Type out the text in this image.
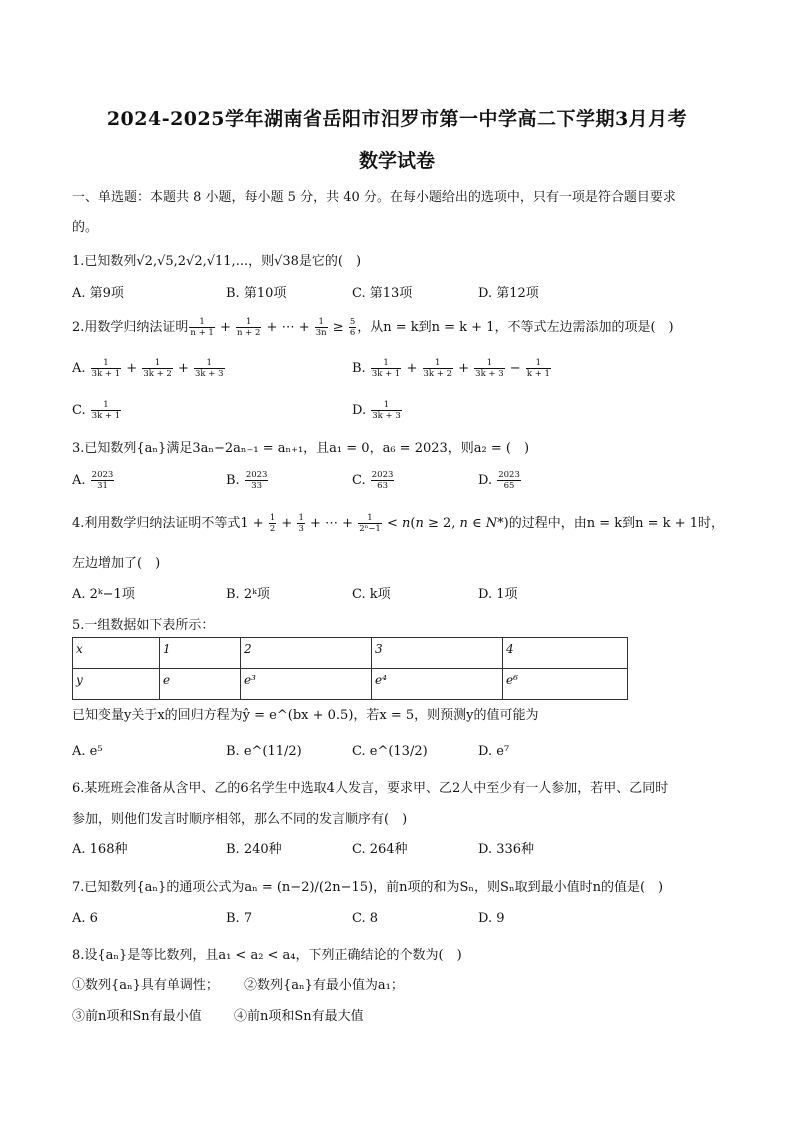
2024-2025学年湖南省岳阳市汨罗市第一中学高二下学期3月月考
数学试卷
一、单选题：本题共 8 小题，每小题 5 分，共 40 分。在每小题给出的选项中，只有一项是符合题目要求
的。
1.已知数列√2,√5,2√2,√11,...，则√38是它的(　)
A. 第9项	B. 第10项	C. 第13项	D. 第12项
2.用数学归纳法证明 $\frac{1}{n + 1} + \frac{1}{n + 2}$ + ⋯ + $\frac{1}{3n} \ge \frac{5}{6}$ ，从n = k到n = k + 1，不等式左边需添加的项是(　)
A. $\frac{1}{3k + 1} + \frac{1}{3k + 2} + \frac{1}{3k + 3}$	B. $\frac{1}{3k + 1} + \frac{1}{3k + 2} + \frac{1}{3k + 3} - \frac{1}{k + 1}$
C. $\frac{1}{3k + 1}$	D. $\frac{1}{3k + 3}$
3.已知数列{aₙ}满足3aₙ−2aₙ₋₁ = aₙ₊₁，且a₁ = 0，a₆ = 2023，则a₂ = (　)
A. $\frac{2023}{31}$	B. $\frac{2023}{33}$	C. $\frac{2023}{63}$	D. $\frac{2023}{65}$
4.利用数学归纳法证明不等式$1 + \frac{1}{2} + \frac{1}{3}$ + ⋯ + $\frac{1}{\text{2ⁿ−1}} < n(n \ge 2$, n ∈ N*)的过程中，由n = k到n = k + 1时，
左边增加了(　)
A. 2ᵏ−1项	B. 2ᵏ项	C. k项	D. 1项
5.一组数据如下表所示：
x	1	2	3	4
y	e	e³	e⁴	e⁶
已知变量y关于x的回归方程为ŷ = e^(bx + 0.5)，若x = 5，则预测y的值可能为
A. e⁵	B. e^(11/2)	C. e^(13/2)	D. e⁷
6.某班班会准备从含甲、乙的6名学生中选取4人发言，要求甲、乙2人中至少有一人参加，若甲、乙同时
参加，则他们发言时顺序相邻，那么不同的发言顺序有(　)
A. 168种	B. 240种	C. 264种	D. 336种
7.已知数列{aₙ}的通项公式为aₙ = (n−2)/(2n−15)，前n项的和为Sₙ，则Sₙ取到最小值时n的值是(　)
A. 6	B. 7	C. 8	D. 9
8.设{aₙ}是等比数列，且a₁ < a₂ < a₄，下列正确结论的个数为(　)
①数列{aₙ}具有单调性； ②数列{aₙ}有最小值为a₁；
③前n项和Sn有最小值 ④前n项和Sn有最大值
